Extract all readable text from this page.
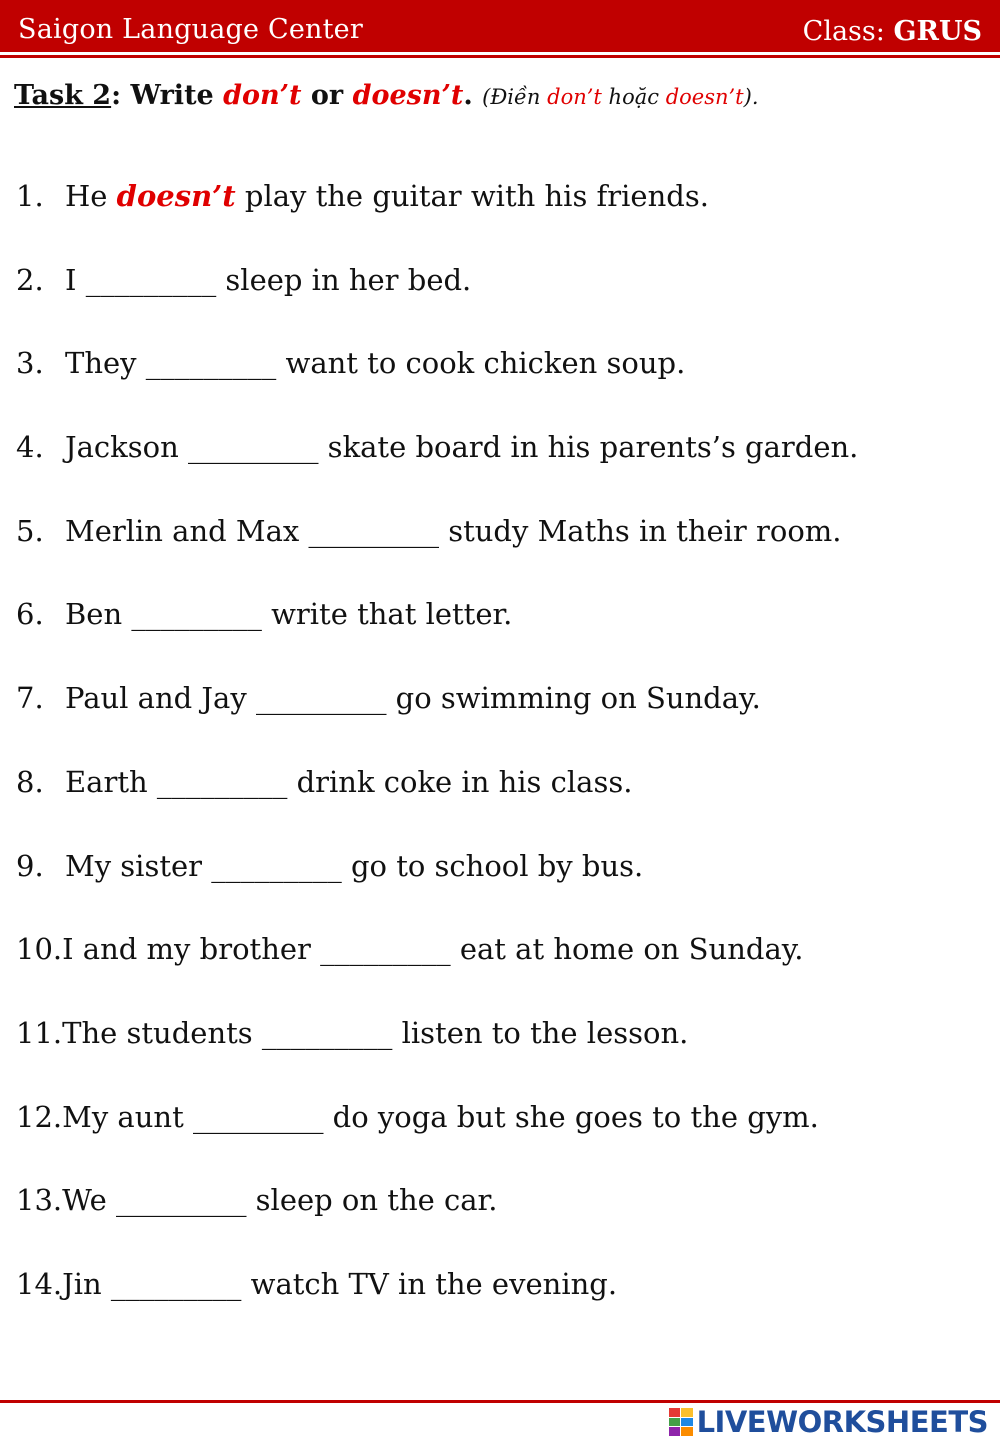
Saigon Language Center	Class: GRUS
Task 2: Write don’t or doesn’t. (Điền don’t hoặc doesn’t).
1. He doesn’t play the guitar with his friends.
2. I _________ sleep in her bed.
3. They _________ want to cook chicken soup.
4. Jackson _________ skate board in his parents’s garden.
5. Merlin and Max _________ study Maths in their room.
6. Ben _________ write that letter.
7. Paul and Jay _________ go swimming on Sunday.
8. Earth _________ drink coke in his class.
9. My sister _________ go to school by bus.
10.I and my brother _________ eat at home on Sunday.
11.The students _________ listen to the lesson.
12.My aunt _________ do yoga but she goes to the gym.
13.We _________ sleep on the car.
14.Jin _________ watch TV in the evening.
LIVEWORKSHEETS
